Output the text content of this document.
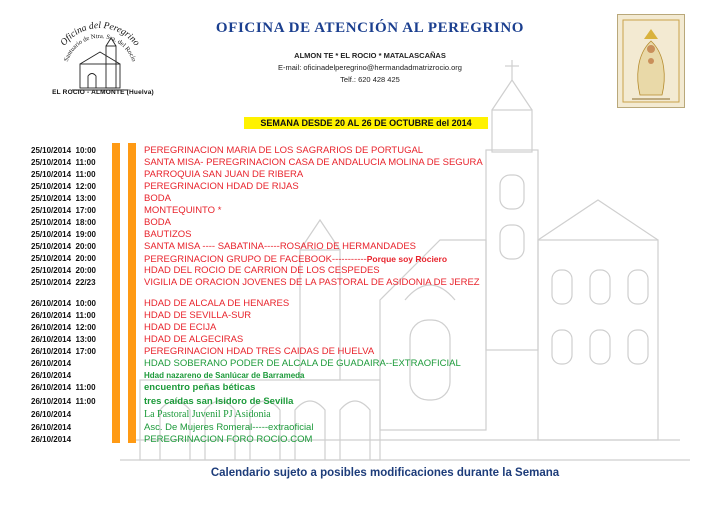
Oficina del Peregrino
Santuario de Ntra. Sra. del Rocío
EL ROCIO - ALMONTE (Huelva)
OFICINA DE ATENCIÓN AL PEREGRINO
ALMON TE * EL ROCIO * MATALASCAÑAS
E-mail: oficinadelperegrino@hermandadmatrizrocio.org
Telf.: 620 428 425
SEMANA DESDE 20 AL 26 DE OCTUBRE del 2014
25/10/2014 10:00	PEREGRINACION MARIA DE LOS SAGRARIOS DE PORTUGAL
25/10/2014 11:00	SANTA MISA- PEREGRINACION CASA DE ANDALUCIA MOLINA DE SEGURA
25/10/2014 11:00	PARROQUIA SAN JUAN DE RIBERA
25/10/2014 12:00	PEREGRINACION HDAD DE RIJAS
25/10/2014 13:00	BODA
25/10/2014 17:00	MONTEQUINTO *
25/10/2014 18:00	BODA
25/10/2014 19:00	BAUTIZOS
25/10/2014 20:00	SANTA MISA ---- SABATINA-----ROSARIO DE HERMANDADES
25/10/2014 20:00	PEREGRINACION GRUPO DE FACEBOOK-----------Porque soy Rociero
25/10/2014 20:00	HDAD DEL ROCIO DE CARRION DE LOS CESPEDES
25/10/2014 22/23	VIGILIA DE ORACION JOVENES DE LA PASTORAL DE ASIDONIA DE JEREZ
26/10/2014 10:00	HDAD DE ALCALA DE HENARES
26/10/2014 11:00	HDAD DE SEVILLA-SUR
26/10/2014 12:00	HDAD DE ECIJA
26/10/2014 13:00	HDAD DE ALGECIRAS
26/10/2014 17:00	PEREGRINACION HDAD TRES CAIDAS DE HUELVA
26/10/2014	HDAD SOBERANO PODER DE ALCALA DE GUADAIRA--EXTRAOFICIAL
26/10/2014	Hdad nazareno de Sanlúcar de Barrameda
26/10/2014 11:00	encuentro peñas béticas
26/10/2014 11:00	tres caídas san Isidoro de Sevilla
26/10/2014	La Pastoral Juvenil PJ Asidonia
26/10/2014	Asc. De Mujeres Romeral-----extraoficial
26/10/2014	PEREGRINACION FORO ROCIO.COM
Calendario sujeto a posibles modificaciones durante la Semana
